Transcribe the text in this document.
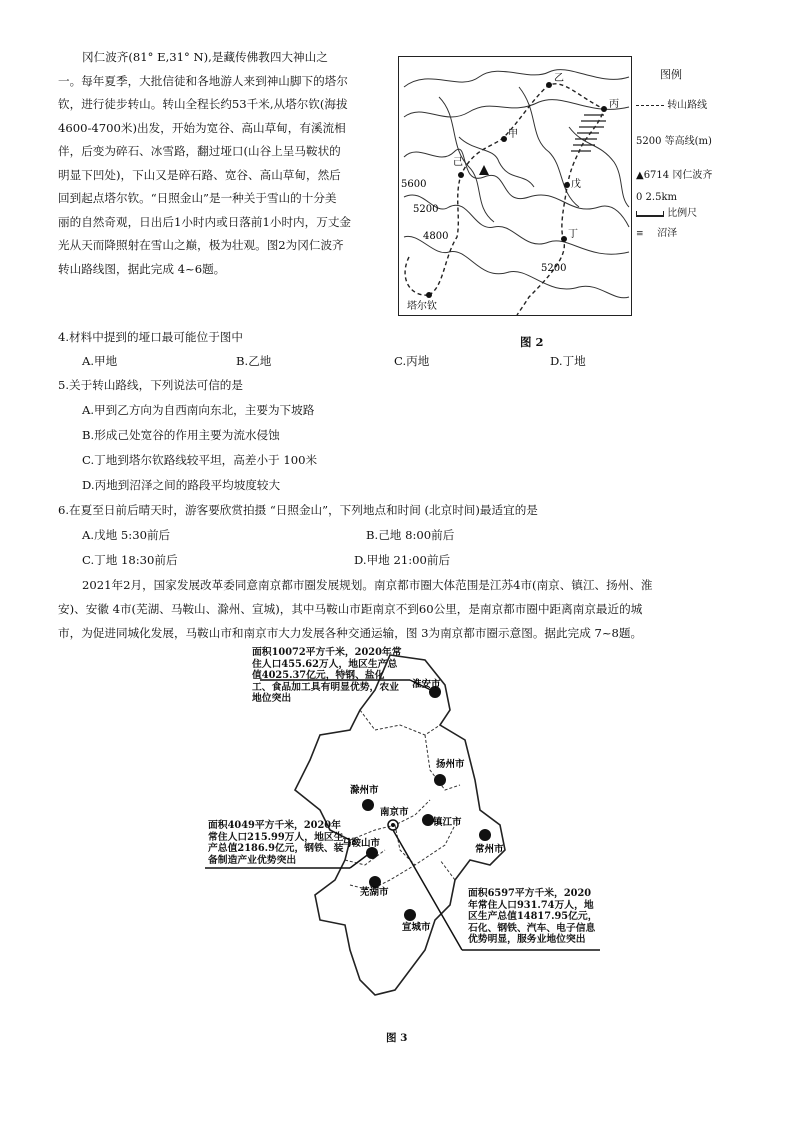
冈仁波齐(81° E,31° N),是藏传佛教四大神山之
一。每年夏季，大批信徒和各地游人来到神山脚下的塔尔
钦，进行徒步转山。转山全程长约53千米,从塔尔钦(海拔
4600-4700米)出发，开始为宽谷、高山草甸，有溪流相
伴，后变为碎石、冰雪路，翻过垭口(山谷上呈马鞍状的
明显下凹处)，下山又是碎石路、宽谷、高山草甸，然后
回到起点塔尔钦。“日照金山”是一种关于雪山的十分美
丽的自然奇观，日出后1小时内或日落前1小时内，万丈金
光从天而降照射在雪山之巅，极为壮观。图2为冈仁波齐
转山路线图，据此完成 4~6题。
乙
丙
甲
己
戊
丁
塔尔钦
5600
5200
4800
5200
图例
转山路线
5200 等高线(m)
▲6714 冈仁波齐
0 2.5km
比例尺
≡ 沼泽
图 2
4.材料中提到的垭口最可能位于图中
A.甲地	B.乙地	C.丙地	D.丁地
5.关于转山路线，下列说法可信的是
A.甲到乙方向为自西南向东北，主要为下坡路
B.形成己处宽谷的作用主要为流水侵蚀
C.丁地到塔尔钦路线较平坦，高差小于 100米
D.丙地到沼泽之间的路段平均坡度较大
6.在夏至日前后晴天时，游客要欣赏拍摄 “日照金山”，下列地点和时间 (北京时间)最适宜的是
A.戊地 5:30前后	B.己地 8:00前后
C.丁地 18:30前后	D.甲地 21:00前后
2021年2月，国家发展改革委同意南京都市圈发展规划。南京都市圈大体范围是江苏4市(南京、镇江、扬州、淮
安)、安徽 4市(芜湖、马鞍山、滁州、宣城)，其中马鞍山市距南京不到60公里，是南京都市圈中距离南京最近的城
市，为促进同城化发展，马鞍山市和南京市大力发展各种交通运输，图 3为南京都市圈示意图。据此完成 7~8题。
淮安市
扬州市
滁州市
南京市
镇江市
马鞍山市
常州市
芜湖市
宣城市
面积10072平方千米，2020年常住人口455.62万人，地区生产总值4025.37亿元，特钢、盐化工、食品加工具有明显优势，农业地位突出
面积4049平方千米，2020年常住人口215.99万人，地区生产总值2186.9亿元，钢铁、装备制造产业优势突出
面积6597平方千米，2020年常住人口931.74万人，地区生产总值14817.95亿元，石化、钢铁、汽车、电子信息优势明显，服务业地位突出
图 3
